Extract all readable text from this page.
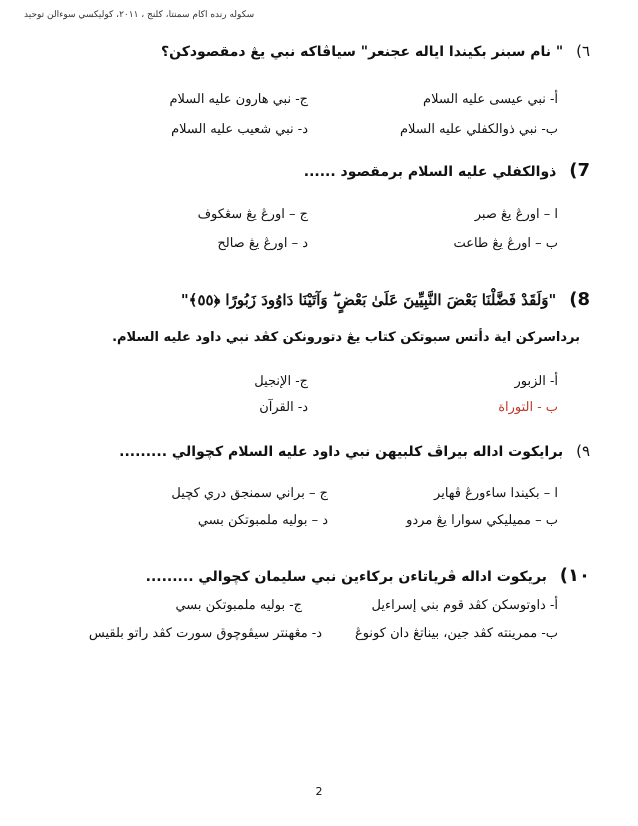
سکوله رنده اکام سمنتا، کلنج ، ٢٠١١، کوليکسي سوءالن توحيد
٦) " نام سبنر بکيندا اياله عجنعر" سياڤاکه نبي يڠ دمقصودکن؟
أ- نبي عيسى عليه السلام
ج- نبي هارون عليه السلام
ب- نبي ذوالكفلي عليه السلام
د- نبي شعيب عليه السلام
7) ذوالكفلي عليه السلام برمقصود ......
ا – اورڠ يڠ صبر
ج – اورڠ يڠ سڠکوف
ب – اورڠ يڠ طاعت
د – اورڠ يڠ صالح
8) "وَلَقَدْ فَضَّلْنَا بَعْضَ النَّبِيِّينَ عَلَىٰ بَعْضٍ ۖ وَآتَيْنَا دَاوُودَ زَبُورًا ﴿٥٥﴾"
برداسرکن اية دأتس سبوتکن کتاب يڠ دتورونکن کڤد نبي داود عليه السلام.
أ- الزبور
ج- الإنجيل
ب - التوراة
د- القرآن
٩) برايکوت اداله بيراڤ کلبيهن نبي داود عليه السلام کچوالي .........
ا – بکيندا ساءورڠ ڤهاير
ج – براني سمنجق دري کچيل
ب – مميليکي سوارا يڠ مردو
د – بوليه ملمبوتکن بسي
١٠) بريکوت اداله ڤرياتاءن برکاءين نبي سليمان کچوالي .........
أ- داوتوسکن کڤد قوم بني إسراءيل
ج- بوليه ملمبوتکن بسي
ب- ممرينته کڤد جين، بيناتڠ دان کونوڠ
د- مڠهنتر سيڤوچوق سورت کڤد راتو بلقيس
2
